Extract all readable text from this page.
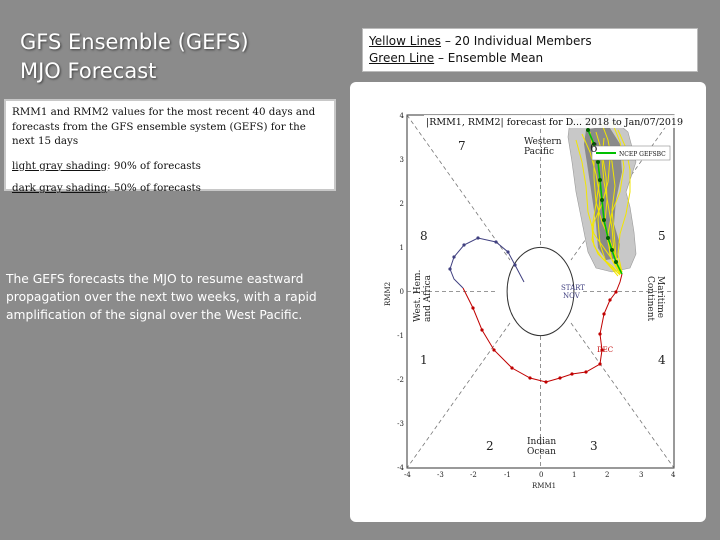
GFS Ensemble (GEFS)
MJO Forecast

RMM1 and RMM2 values for the most recent 40 days and forecasts from the GFS ensemble system (GEFS) for the next 15 days

light gray shading: 90% of forecasts
dark gray shading: 50% of forecasts
The GEFS forecasts the MJO to resume eastward propagation over the next two weeks, with a rapid amplification of the signal over the West Pacific.
Yellow Lines – 20 Individual Members
Green Line – Ensemble Mean
NCEP GEFSBC
|RMM1, RMM2| forecast for D... 2018 to Jan/07/2019
7	6
8	5
1	4
2	3
Western Pacific
Indian Ocean
MaritimeContinent
West. Hem.and Africa	START
NOV
DEC
-4	-3	-2	-1	0	1	2	3	4
4
3
2
1
0
-1
-2
-3
-4
RMM1
RMM2
